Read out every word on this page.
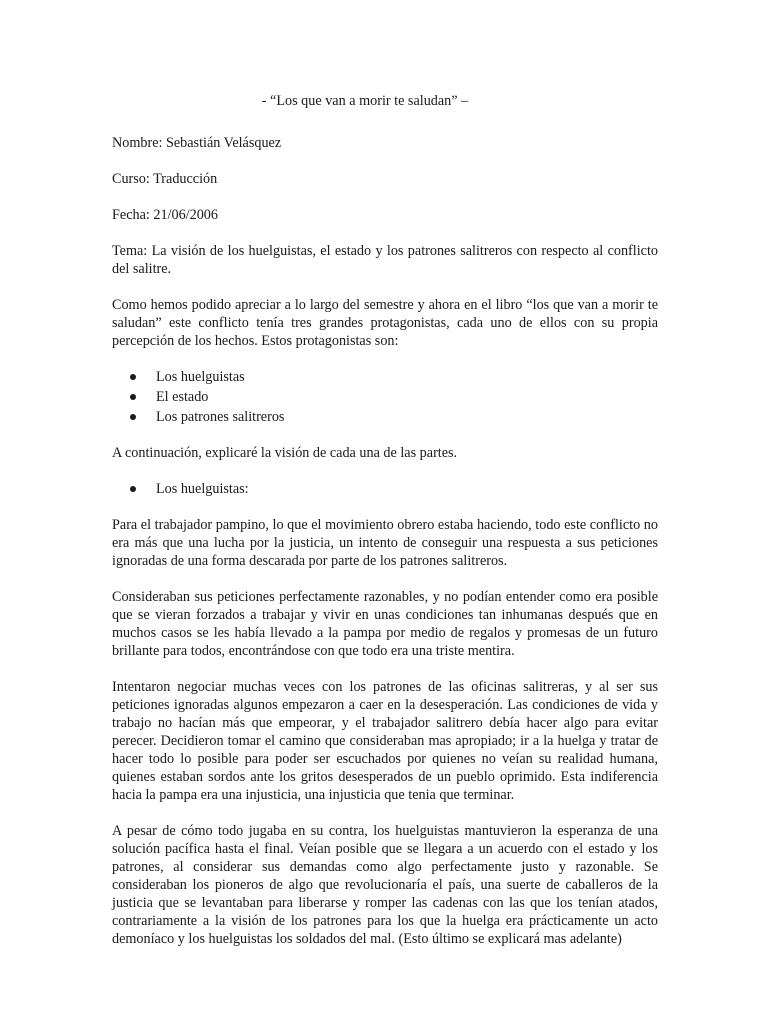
- “Los que van a morir te saludan” –
Nombre: Sebastián Velásquez
Curso: Traducción
Fecha: 21/06/2006
Tema: La visión de los huelguistas, el estado y los patrones salitreros con respecto al conflicto del salitre.
Como hemos podido apreciar a lo largo del semestre y ahora en el libro “los que van a morir te saludan” este conflicto tenía tres grandes protagonistas, cada uno de ellos con su propia percepción de los hechos. Estos protagonistas son:
Los huelguistas
El estado
Los patrones salitreros
A continuación, explicaré la visión de cada una de las partes.
Los huelguistas:
Para el trabajador pampino, lo que el movimiento obrero estaba haciendo, todo este conflicto no era más que una lucha por la justicia, un intento de conseguir una respuesta a sus peticiones ignoradas de una forma descarada por parte de los patrones salitreros.
Consideraban sus peticiones perfectamente razonables, y no podían entender como era posible que se vieran forzados a trabajar y vivir en unas condiciones tan inhumanas después que en muchos casos se les había llevado a la pampa por medio de regalos y promesas de un futuro brillante para todos, encontrándose con que todo era una triste mentira.
Intentaron negociar muchas veces con los patrones de las oficinas salitreras, y al ser sus peticiones ignoradas algunos empezaron a caer en la desesperación. Las condiciones de vida y trabajo no hacían más que empeorar, y el trabajador salitrero debía hacer algo para evitar perecer. Decidieron tomar el camino que consideraban mas apropiado; ir a la huelga y tratar de hacer todo lo posible para poder ser escuchados por quienes no veían su realidad humana, quienes estaban sordos ante los gritos desesperados de un pueblo oprimido. Esta indiferencia hacia la pampa era una injusticia, una injusticia que tenia que terminar.
A pesar de cómo todo jugaba en su contra, los huelguistas mantuvieron la esperanza de una solución pacífica hasta el final. Veían posible que se llegara a un acuerdo con el estado y los patrones, al considerar sus demandas como algo perfectamente justo y razonable. Se consideraban los pioneros de algo que revolucionaría el país, una suerte de caballeros de la justicia que se levantaban para liberarse y romper las cadenas con las que los tenían atados, contrariamente a la visión de los patrones para los que la huelga era prácticamente un acto demoníaco y los huelguistas los soldados del mal. (Esto último se explicará mas adelante)
